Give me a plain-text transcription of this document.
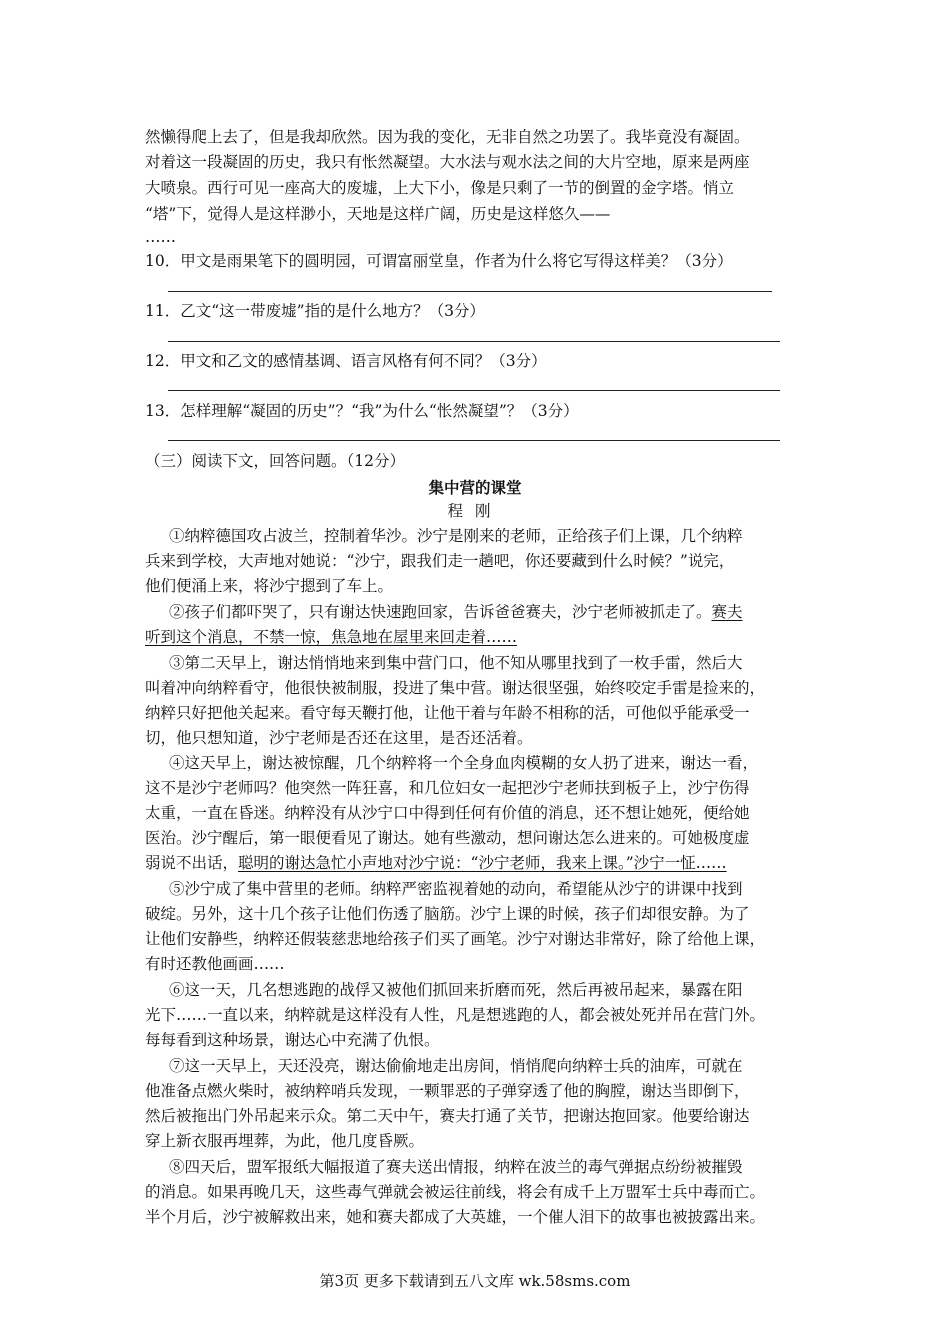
然懒得爬上去了，但是我却欣然。因为我的变化，无非自然之功罢了。我毕竟没有凝固。
对着这一段凝固的历史，我只有怅然凝望。大水法与观水法之间的大片空地，原来是两座
大喷泉。西行可见一座高大的废墟，上大下小，像是只剩了一节的倒置的金字塔。悄立
“塔”下，觉得人是这样渺小，天地是这样广阔，历史是这样悠久——
……
10．甲文是雨果笔下的圆明园，可谓富丽堂皇，作者为什么将它写得这样美？（3分）
11．乙文“这一带废墟”指的是什么地方？（3分）
12．甲文和乙文的感情基调、语言风格有何不同？（3分）
13．怎样理解“凝固的历史”？“我”为什么“怅然凝望”？（3分）
（三）阅读下文，回答问题。（12分）
集中营的课堂
程刚
①纳粹德国攻占波兰，控制着华沙。沙宁是刚来的老师，正给孩子们上课，几个纳粹
兵来到学校，大声地对她说：“沙宁，跟我们走一趟吧，你还要藏到什么时候？”说完，
他们便涌上来，将沙宁摁到了车上。
②孩子们都吓哭了，只有谢达快速跑回家，告诉爸爸赛夫，沙宁老师被抓走了。赛夫
听到这个消息，不禁一惊，焦急地在屋里来回走着……
③第二天早上，谢达悄悄地来到集中营门口，他不知从哪里找到了一枚手雷，然后大
叫着冲向纳粹看守，他很快被制服，投进了集中营。谢达很坚强，始终咬定手雷是捡来的，
纳粹只好把他关起来。看守每天鞭打他，让他干着与年龄不相称的活，可他似乎能承受一
切，他只想知道，沙宁老师是否还在这里，是否还活着。
④这天早上，谢达被惊醒，几个纳粹将一个全身血肉模糊的女人扔了进来，谢达一看，
这不是沙宁老师吗？他突然一阵狂喜，和几位妇女一起把沙宁老师扶到板子上，沙宁伤得
太重，一直在昏迷。纳粹没有从沙宁口中得到任何有价值的消息，还不想让她死，便给她
医治。沙宁醒后，第一眼便看见了谢达。她有些激动，想问谢达怎么进来的。可她极度虚
弱说不出话，聪明的谢达急忙小声地对沙宁说：“沙宁老师，我来上课。”沙宁一怔……
⑤沙宁成了集中营里的老师。纳粹严密监视着她的动向，希望能从沙宁的讲课中找到
破绽。另外，这十几个孩子让他们伤透了脑筋。沙宁上课的时候，孩子们却很安静。为了
让他们安静些，纳粹还假装慈悲地给孩子们买了画笔。沙宁对谢达非常好，除了给他上课，
有时还教他画画……
⑥这一天，几名想逃跑的战俘又被他们抓回来折磨而死，然后再被吊起来，暴露在阳
光下……一直以来，纳粹就是这样没有人性，凡是想逃跑的人，都会被处死并吊在营门外。
每每看到这种场景，谢达心中充满了仇恨。
⑦这一天早上，天还没亮，谢达偷偷地走出房间，悄悄爬向纳粹士兵的油库，可就在
他准备点燃火柴时，被纳粹哨兵发现，一颗罪恶的子弹穿透了他的胸膛，谢达当即倒下，
然后被拖出门外吊起来示众。第二天中午，赛夫打通了关节，把谢达抱回家。他要给谢达
穿上新衣服再埋葬，为此，他几度昏厥。
⑧四天后，盟军报纸大幅报道了赛夫送出情报，纳粹在波兰的毒气弹据点纷纷被摧毁
的消息。如果再晚几天，这些毒气弹就会被运往前线，将会有成千上万盟军士兵中毒而亡。
半个月后，沙宁被解救出来，她和赛夫都成了大英雄，一个催人泪下的故事也被披露出来。
第3页 更多下载请到五八文库 wk.58sms.com
